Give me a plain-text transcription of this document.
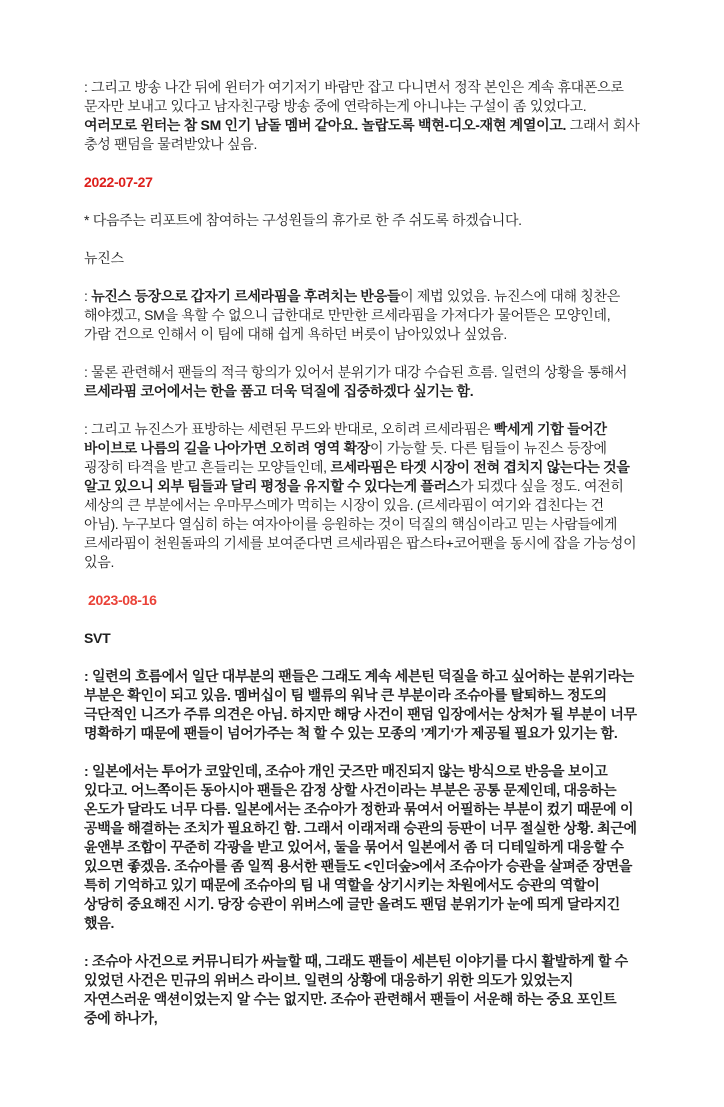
: 그리고 방송 나간 뒤에 윈터가 여기저기 바람만 잡고 다니면서 정작 본인은 계속 휴대폰으로 문자만 보내고 있다고 남자친구랑 방송 중에 연락하는게 아니냐는 구설이 좀 있었다고. 여러모로 윈터는 참 SM 인기 남돌 멤버 같아요. 놀랍도록 백현-디오-재현 계열이고. 그래서 회사 충성 팬덤을 물려받았나 싶음.

2022-07-27

* 다음주는 리포트에 참여하는 구성원들의 휴가로 한 주 쉬도록 하겠습니다.

뉴진스

: 뉴진스 등장으로 갑자기 르세라핌을 후려치는 반응들이 제법 있었음. 뉴진스에 대해 칭찬은 해야겠고, SM을 욕할 수 없으니 급한대로 만만한 르세라핌을 가져다가 물어뜯은 모양인데, 가람 건으로 인해서 이 팀에 대해 쉽게 욕하던 버릇이 남아있었나 싶었음.

: 물론 관련해서 팬들의 적극 항의가 있어서 분위기가 대강 수습된 흐름. 일련의 상황을 통해서 르세라핌 코어에서는 한을 품고 더욱 덕질에 집중하겠다 싶기는 함.

: 그리고 뉴진스가 표방하는 세련된 무드와 반대로, 오히려 르세라핌은 빡세게 기합 들어간 바이브로 나름의 길을 나아가면 오히려 영역 확장이 가능할 듯. 다른 팀들이 뉴진스 등장에 굉장히 타격을 받고 흔들리는 모양들인데, 르세라핌은 타겟 시장이 전혀 겹치지 않는다는 것을 알고 있으니 외부 팀들과 달리 평정을 유지할 수 있다는게 플러스가 되겠다 싶을 정도. 여전히 세상의 큰 부분에서는 우마무스메가 먹히는 시장이 있음. (르세라핌이 여기와 겹친다는 건 아님). 누구보다 열심히 하는 여자아이를 응원하는 것이 덕질의 핵심이라고 믿는 사람들에게 르세라핌이 천원돌파의 기세를 보여준다면 르세라핌은 팝스타+코어팬을 동시에 잡을 가능성이 있음.

2023-08-16

SVT

: 일련의 흐름에서 일단 대부분의 팬들은 그래도 계속 세븐틴 덕질을 하고 싶어하는 분위기라는 부분은 확인이 되고 있음. 멤버십이 팀 밸류의 워낙 큰 부분이라 조슈아를 탈퇴하느 정도의 극단적인 니즈가 주류 의견은 아님. 하지만 해당 사건이 팬덤 입장에서는 상처가 될 부분이 너무 명확하기 때문에 팬들이 넘어가주는 척 할 수 있는 모종의 ’계기‘가 제공될 필요가 있기는 함.

: 일본에서는 투어가 코앞인데, 조슈아 개인 굿즈만 매진되지 않는 방식으로 반응을 보이고 있다고. 어느쪽이든 동아시아 팬들은 감정 상할 사건이라는 부분은 공통 문제인데, 대응하는 온도가 달라도 너무 다름. 일본에서는 조슈아가 정한과 묶여서 어필하는 부분이 컸기 때문에 이 공백을 해결하는 조치가 필요하긴 함. 그래서 이래저래 승관의 등판이 너무 절실한 상황. 최근에 윤앤부 조합이 꾸준히 각광을 받고 있어서, 둘을 묶어서 일본에서 좀 더 디테일하게 대응할 수 있으면 좋겠음. 조슈아를 좀 일찍 용서한 팬들도 <인더숲>에서 조슈아가 승관을 살펴준 장면을 특히 기억하고 있기 때문에 조슈아의 팀 내 역할을 상기시키는 차원에서도 승관의 역할이 상당히 중요해진 시기. 당장 승관이 위버스에 글만 올려도 팬덤 분위기가 눈에 띄게 달라지긴 했음.

: 조슈아 사건으로 커뮤니티가 싸늘할 때, 그래도 팬들이 세븐틴 이야기를 다시 활발하게 할 수 있었던 사건은 민규의 위버스 라이브. 일련의 상황에 대응하기 위한 의도가 있었는지 자연스러운 액션이었는지 알 수는 없지만. 조슈아 관련해서 팬들이 서운해 하는 중요 포인트 중에 하나가,
